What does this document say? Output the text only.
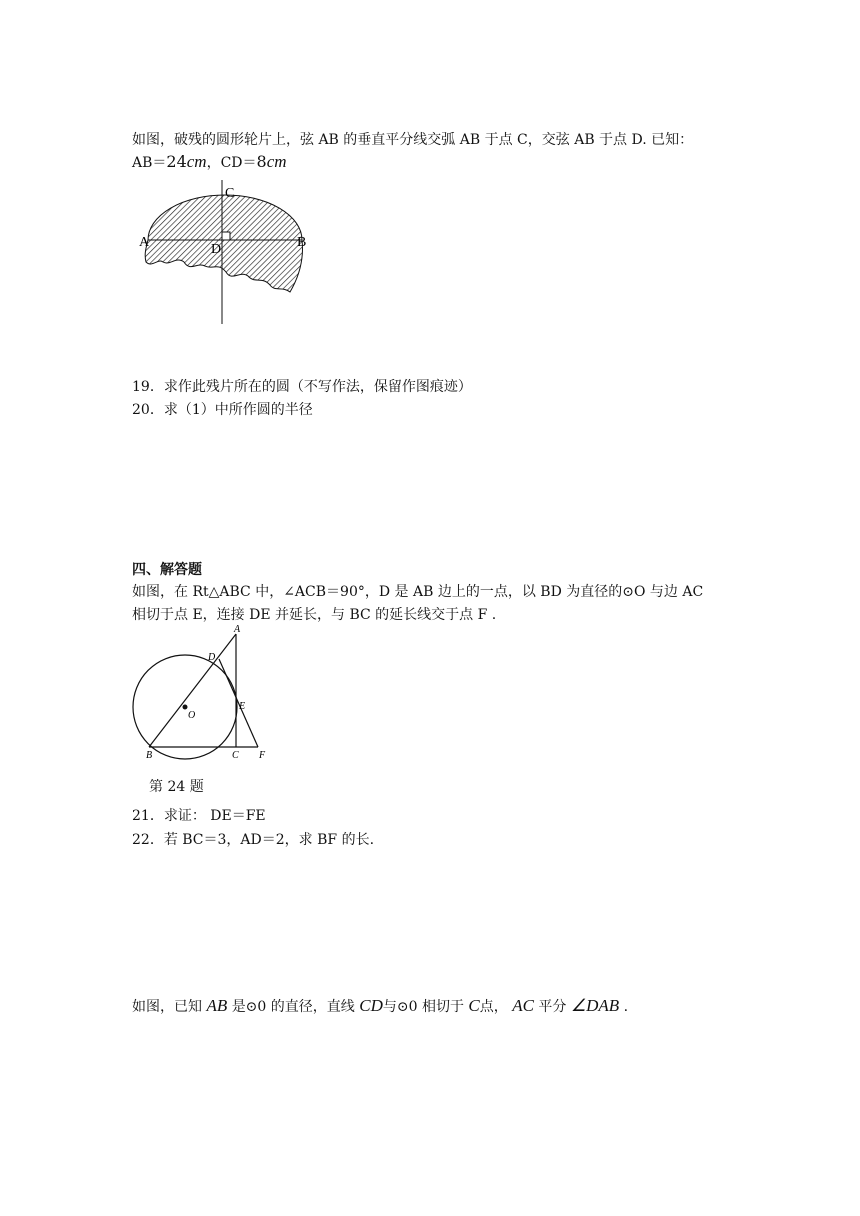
如图，破残的圆形轮片上，弦 AB 的垂直平分线交弧 AB 于点 C，交弦 AB 于点 D. 已知：
AB＝24cm，CD＝8cm
A	B
C
D
19．求作此残片所在的圆（不写作法，保留作图痕迹）
20．求（1）中所作圆的半径
四、解答题
如图，在 Rt△ABC 中，∠ACB＝90°，D 是 AB 边上的一点，以 BD 为直径的⊙O 与边 AC
相切于点 E，连接 DE 并延长，与 BC 的延长线交于点 F .
A
D
E
O
B	C F
第 24 题
21．求证： DE＝FE
22．若 BC＝3，AD＝2，求 BF 的长.
如图，已知 AB 是⊙0 的直径，直线 CD与⊙0 相切于 C点， AC 平分 ∠DAB .
